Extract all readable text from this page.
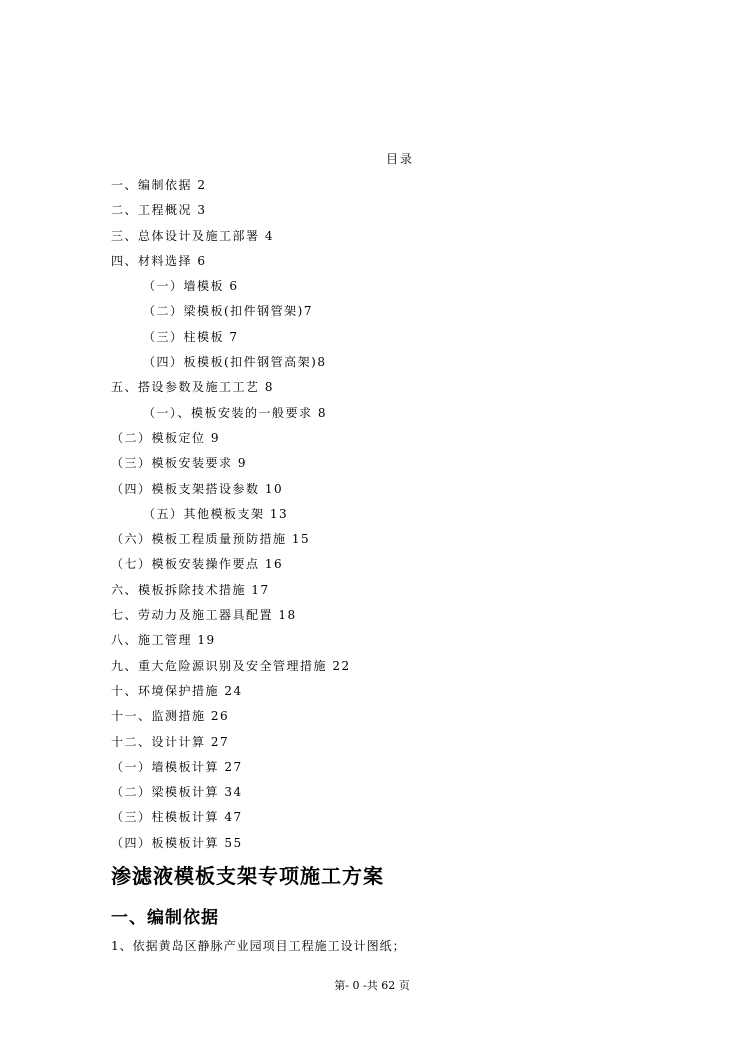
目录
一、编制依据 2
二、工程概况 3
三、总体设计及施工部署 4
四、材料选择 6
（一）墙模板 6
（二）梁模板(扣件钢管架)7
（三）柱模板 7
（四）板模板(扣件钢管高架)8
五、搭设参数及施工工艺 8
（一）、模板安装的一般要求 8
（二）模板定位 9
（三）模板安装要求 9
（四）模板支架搭设参数 10
（五）其他模板支架 13
（六）模板工程质量预防措施 15
（七）模板安装操作要点 16
六、模板拆除技术措施 17
七、劳动力及施工器具配置 18
八、施工管理 19
九、重大危险源识别及安全管理措施 22
十、环境保护措施 24
十一、监测措施 26
十二、设计计算 27
（一）墙模板计算 27
（二）梁模板计算 34
（三）柱模板计算 47
（四）板模板计算 55
渗滤液模板支架专项施工方案
一、编制依据
1、依据黄岛区静脉产业园项目工程施工设计图纸；
第- 0 -共 62 页
